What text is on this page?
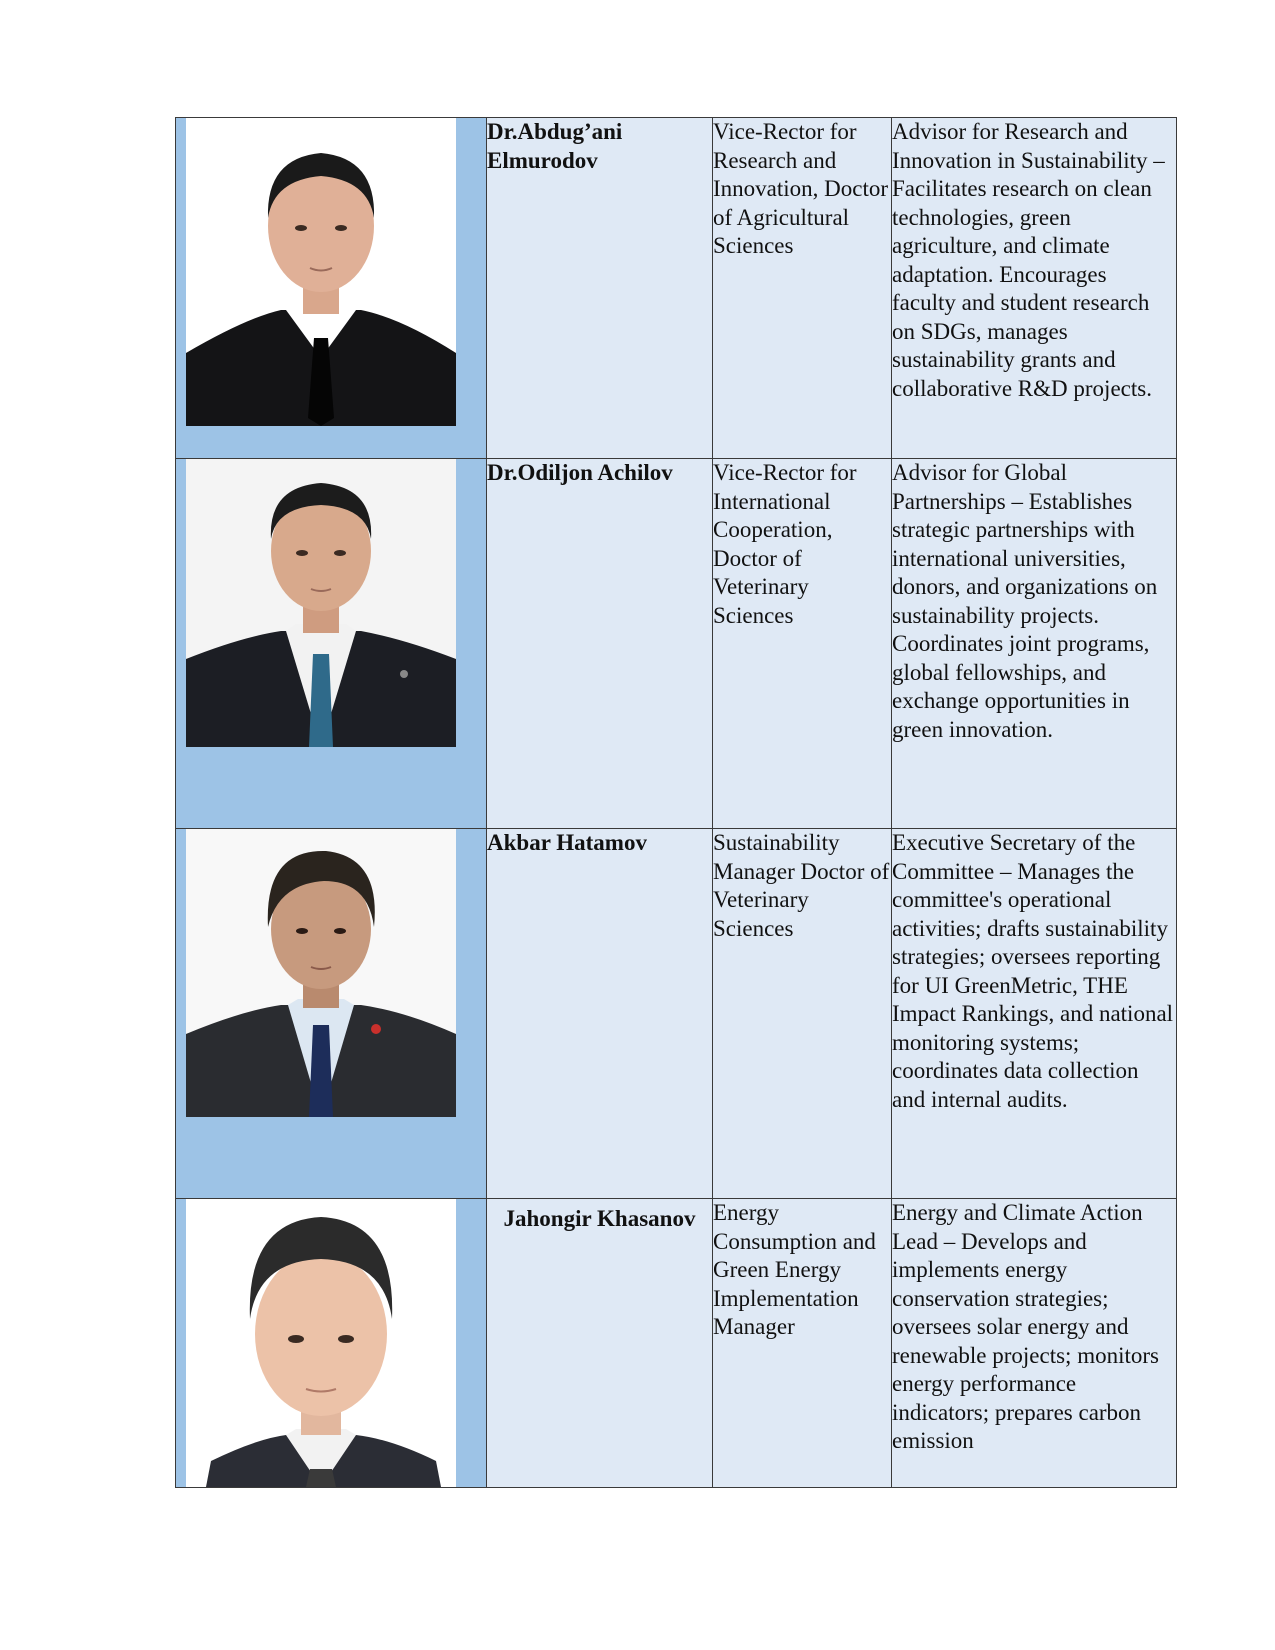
	Dr.Abdug’ani Elmurodov	Vice-Rector for Research and Innovation, Doctor of Agricultural Sciences	Advisor for Research and Innovation in Sustainability – Facilitates research on clean technologies, green agriculture, and climate adaptation. Encourages faculty and student research on SDGs, manages sustainability grants and collaborative R&D projects.

	Dr.Odiljon Achilov	Vice-Rector for International Cooperation, Doctor of Veterinary Sciences	Advisor for Global Partnerships – Establishes strategic partnerships with international universities, donors, and organizations on sustainability projects. Coordinates joint programs, global fellowships, and exchange opportunities in green innovation.

	Akbar Hatamov	Sustainability Manager Doctor of Veterinary Sciences	Executive Secretary of the Committee – Manages the committee's operational activities; drafts sustainability strategies; oversees reporting for UI GreenMetric, THE Impact Rankings, and national monitoring systems; coordinates data collection and internal audits.

	Jahongir Khasanov	Energy Consumption and Green Energy Implementation Manager	Energy and Climate Action Lead – Develops and implements energy conservation strategies; oversees solar energy and renewable projects; monitors energy performance indicators; prepares carbon emission
